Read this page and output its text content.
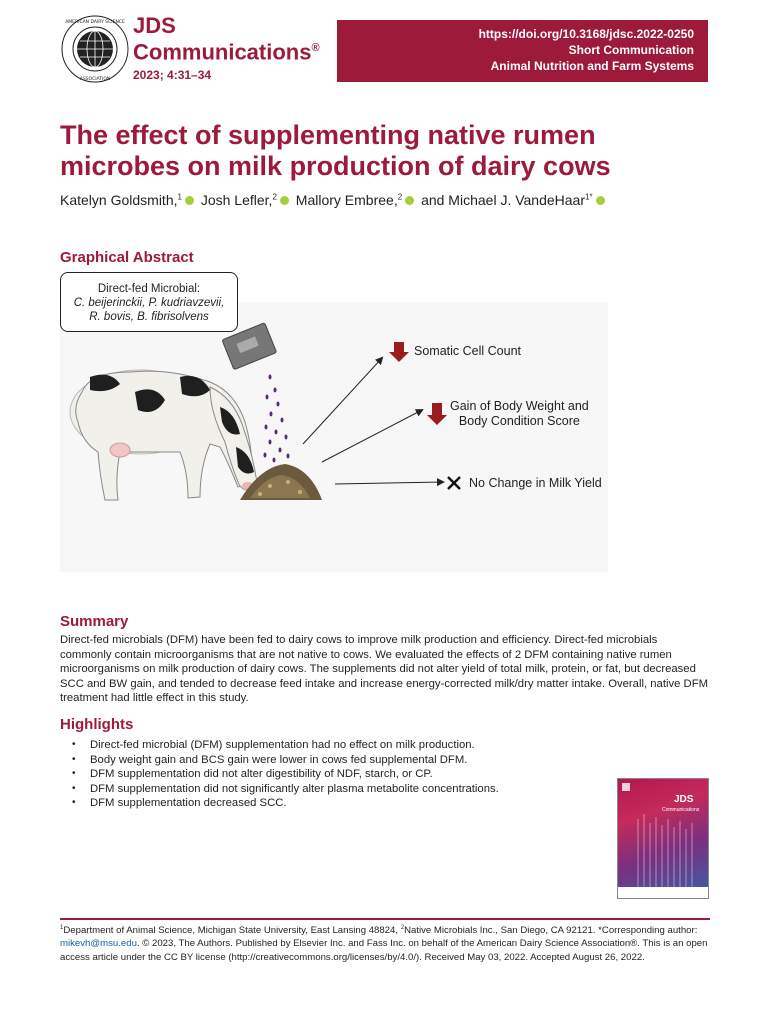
AMERICAN DAIRY SCIENCE
ASSOCIATION
JDS
Communications®
2023; 4:31–34
https://doi.org/10.3168/jdsc.2022-0250
Short Communication
Animal Nutrition and Farm Systems
The effect of supplementing native rumen microbes on milk production of dairy cows
Katelyn Goldsmith,$^1$ Josh Lefler,$^2$ Mallory Embree,$^2$ and Michael J. VandeHaar$^{1*}$
Graphical Abstract
Direct-fed Microbial:
C. beijerinckii, P. kudriavzevii,
R. bovis, B. fibrisolvens
Somatic Cell Count
Gain of Body Weight and
Body Condition Score
No Change in Milk Yield
Summary

Direct-fed microbials (DFM) have been fed to dairy cows to improve milk production and efficiency. Direct-fed microbials commonly contain microorganisms that are not native to cows. We evaluated the effects of 2 DFM containing native rumen microorganisms on milk production of dairy cows. The supplements did not alter yield of total milk, protein, or fat, but decreased SCC and BW gain, and tended to decrease feed intake and increase energy-corrected milk/dry matter intake. Overall, native DFM treatment had little effect in this study.

Highlights
• Direct-fed microbial (DFM) supplementation had no effect on milk production.
• Body weight gain and BCS gain were lower in cows fed supplemental DFM.
• DFM supplementation did not alter digestibility of NDF, starch, or CP.
• DFM supplementation did not significantly alter plasma metabolite concentrations.
• DFM supplementation decreased SCC.	JDS
Communications
$^1$Department of Animal Science, Michigan State University, East Lansing 48824, $^2$Native Microbials Inc., San Diego, CA 92121. *Corresponding author: mikevh@msu.edu. © 2023, The Authors. Published by Elsevier Inc. and Fass Inc. on behalf of the American Dairy Science Association®. This is an open access article under the CC BY license (http://creativecommons.org/licenses/by/4.0/). Received May 03, 2022. Accepted August 26, 2022.
